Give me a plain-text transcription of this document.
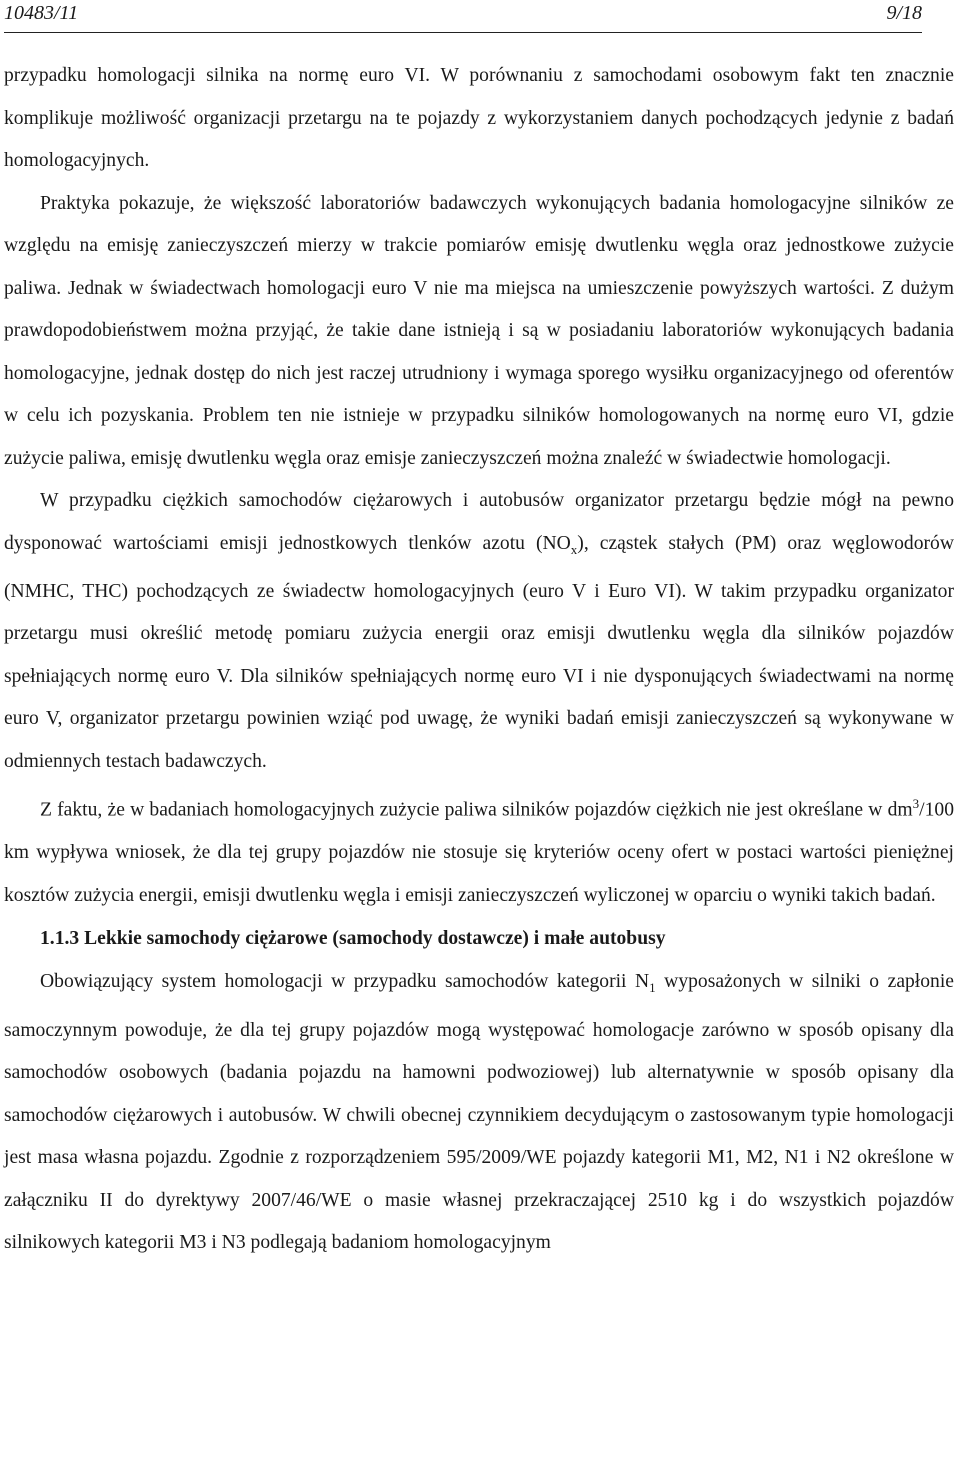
10483/11	9/18

przypadku homologacji silnika na normę euro VI. W porównaniu z samochodami osobowym fakt ten znacznie komplikuje możliwość organizacji przetargu na te pojazdy z wykorzystaniem danych pochodzących jedynie z badań homologacyjnych.

Praktyka pokazuje, że większość laboratoriów badawczych wykonujących badania homologacyjne silników ze względu na emisję zanieczyszczeń mierzy w trakcie pomiarów emisję dwutlenku węgla oraz jednostkowe zużycie paliwa. Jednak w świadectwach homologacji euro V nie ma miejsca na umieszczenie powyższych wartości. Z dużym prawdopodobieństwem można przyjąć, że takie dane istnieją i są w posiadaniu laboratoriów wykonujących badania homologacyjne, jednak dostęp do nich jest raczej utrudniony i wymaga sporego wysiłku organizacyjnego od oferentów w celu ich pozyskania. Problem ten nie istnieje w przypadku silników homologowanych na normę euro VI, gdzie zużycie paliwa, emisję dwutlenku węgla oraz emisje zanieczyszczeń można znaleźć w świadectwie homologacji.

W przypadku ciężkich samochodów ciężarowych i autobusów organizator przetargu będzie mógł na pewno dysponować wartościami emisji jednostkowych tlenków azotu $(NO_x)$, cząstek stałych (PM) oraz węglowodorów (NMHC, THC) pochodzących ze świadectw homologacyjnych (euro V i Euro VI). W takim przypadku organizator przetargu musi określić metodę pomiaru zużycia energii oraz emisji dwutlenku węgla dla silników pojazdów spełniających normę euro V. Dla silników spełniających normę euro VI i nie dysponujących świadectwami na normę euro V, organizator przetargu powinien wziąć pod uwagę, że wyniki badań emisji zanieczyszczeń są wykonywane w odmiennych testach badawczych.

Z faktu, że w badaniach homologacyjnych zużycie paliwa silników pojazdów ciężkich nie jest określane w $dm^3/100$ km wypływa wniosek, że dla tej grupy pojazdów nie stosuje się kryteriów oceny ofert w postaci wartości pieniężnej kosztów zużycia energii, emisji dwutlenku węgla i emisji zanieczyszczeń wyliczonej w oparciu o wyniki takich badań.

1.1.3 Lekkie samochody ciężarowe (samochody dostawcze) i małe autobusy

Obowiązujący system homologacji w przypadku samochodów kategorii $N_1$ wyposażonych w silniki o zapłonie samoczynnym powoduje, że dla tej grupy pojazdów mogą występować homologacje zarówno w sposób opisany dla samochodów osobowych (badania pojazdu na hamowni podwoziowej) lub alternatywnie w sposób opisany dla samochodów ciężarowych i autobusów. W chwili obecnej czynnikiem decydującym o zastosowanym typie homologacji jest masa własna pojazdu. Zgodnie z rozporządzeniem 595/2009/WE pojazdy kategorii M1, M2, N1 i N2 określone w załączniku II do dyrektywy 2007/46/WE o masie własnej przekraczającej 2510 kg i do wszystkich pojazdów silnikowych kategorii M3 i N3 podlegają badaniom homologacyjnym
